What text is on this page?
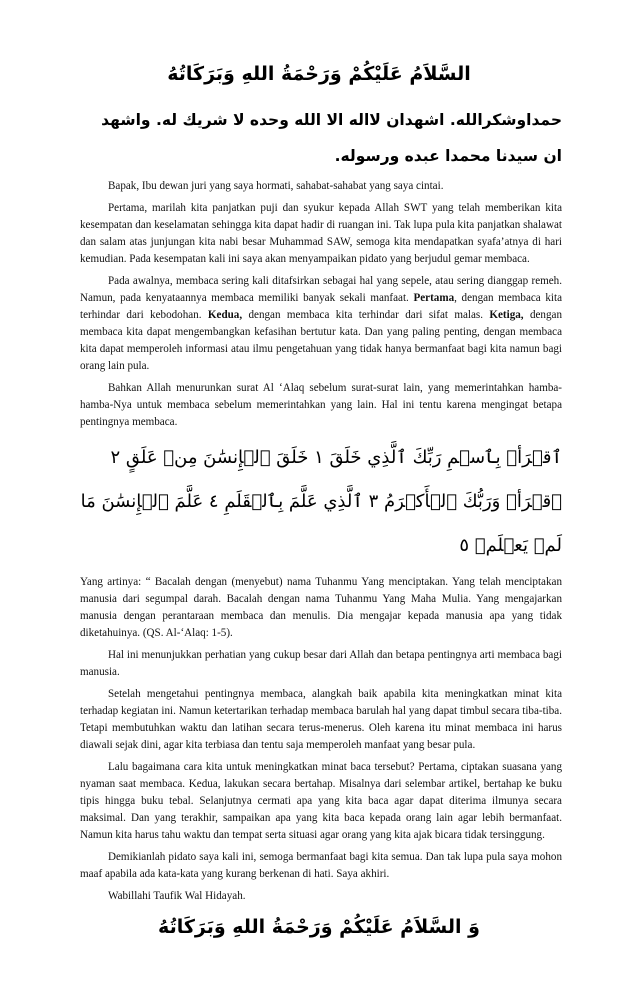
السَّلاَمُ عَلَيْكُمْ وَرَحْمَةُ اللهِ وَبَرَكَاتُهُ
حمداوشكرالله. اشهدان لااله الا الله وحده لا شريك له. واشهد ان سيدنا محمدا عبده ورسوله.

Bapak, Ibu dewan juri yang saya hormati, sahabat-sahabat yang saya cintai.

Pertama, marilah kita panjatkan puji dan syukur kepada Allah SWT yang telah memberikan kita kesempatan dan keselamatan sehingga kita dapat hadir di ruangan ini. Tak lupa pula kita panjatkan shalawat dan salam atas junjungan kita nabi besar Muhammad SAW, semoga kita mendapatkan syafa’atnya di hari kemudian. Pada kesempatan kali ini saya akan menyampaikan pidato yang berjudul gemar membaca.

Pada awalnya, membaca sering kali ditafsirkan sebagai hal yang sepele, atau sering dianggap remeh. Namun, pada kenyataannya membaca memiliki banyak sekali manfaat. Pertama, dengan membaca kita terhindar dari kebodohan. Kedua, dengan membaca kita terhindar dari sifat malas. Ketiga, dengan membaca kita dapat mengembangkan kefasihan bertutur kata. Dan yang paling penting, dengan membaca kita dapat memperoleh informasi atau ilmu pengetahuan yang tidak hanya bermanfaat bagi kita namun bagi orang lain pula.

Bahkan Allah menurunkan surat Al ‘Alaq sebelum surat-surat lain, yang memerintahkan hamba-hamba-Nya untuk membaca sebelum memerintahkan yang lain. Hal ini tentu karena mengingat betapa pentingnya membaca.

ٱقۡرَأۡ بِٱسۡمِ رَبِّكَ ٱلَّذِي خَلَقَ ١ خَلَقَ ٱلۡإِنسَٰنَ مِنۡ عَلَقٍ ٢ ٱقۡرَأۡ وَرَبُّكَ ٱلۡأَكۡرَمُ ٣ ٱلَّذِي عَلَّمَ بِٱلۡقَلَمِ ٤ عَلَّمَ ٱلۡإِنسَٰنَ مَا لَمۡ يَعۡلَمۡ ٥

Yang artinya: “ Bacalah dengan (menyebut) nama Tuhanmu Yang menciptakan. Yang telah menciptakan manusia dari segumpal darah. Bacalah dengan nama Tuhanmu Yang Maha Mulia. Yang mengajarkan manusia dengan perantaraan membaca dan menulis. Dia mengajar kepada manusia apa yang tidak diketahuinya. (QS. Al-‘Alaq: 1-5).

Hal ini menunjukkan perhatian yang cukup besar dari Allah dan betapa pentingnya arti membaca bagi manusia.

Setelah mengetahui pentingnya membaca, alangkah baik apabila kita meningkatkan minat kita terhadap kegiatan ini. Namun ketertarikan terhadap membaca barulah hal yang dapat timbul secara tiba-tiba. Tetapi membutuhkan waktu dan latihan secara terus-menerus. Oleh karena itu minat membaca ini harus diawali sejak dini, agar kita terbiasa dan tentu saja memperoleh manfaat yang besar pula.

Lalu bagaimana cara kita untuk meningkatkan minat baca tersebut? Pertama, ciptakan suasana yang nyaman saat membaca. Kedua, lakukan secara bertahap. Misalnya dari selembar artikel, bertahap ke buku tipis hingga buku tebal. Selanjutnya cermati apa yang kita baca agar dapat diterima ilmunya secara maksimal. Dan yang terakhir, sampaikan apa yang kita baca kepada orang lain agar lebih bermanfaat. Namun kita harus tahu waktu dan tempat serta situasi agar orang yang kita ajak bicara tidak tersinggung.

Demikianlah pidato saya kali ini, semoga bermanfaat bagi kita semua. Dan tak lupa pula saya mohon maaf apabila ada kata-kata yang kurang berkenan di hati. Saya akhiri.

Wabillahi Taufik Wal Hidayah.

وَ السَّلاَمُ عَلَيْكُمْ وَرَحْمَةُ اللهِ وَبَرَكَاتُهُ
